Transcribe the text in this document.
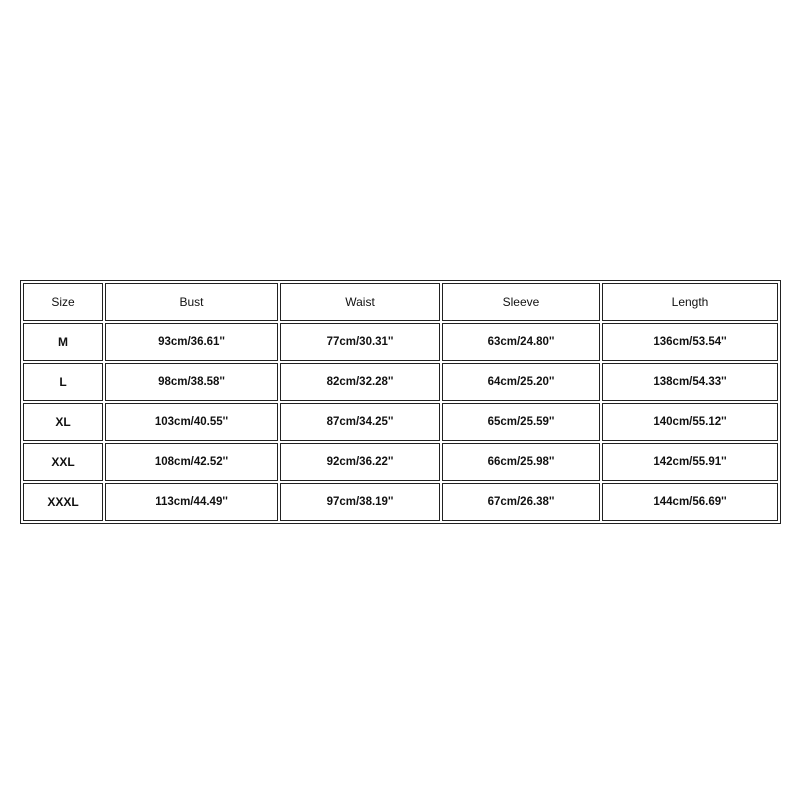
Size	Bust	Waist	Sleeve	Length
M	93cm/36.61''	77cm/30.31''	63cm/24.80''	136cm/53.54''
L	98cm/38.58''	82cm/32.28''	64cm/25.20''	138cm/54.33''
XL	103cm/40.55''	87cm/34.25''	65cm/25.59''	140cm/55.12''
XXL	108cm/42.52''	92cm/36.22''	66cm/25.98''	142cm/55.91''
XXXL	113cm/44.49''	97cm/38.19''	67cm/26.38''	144cm/56.69''
